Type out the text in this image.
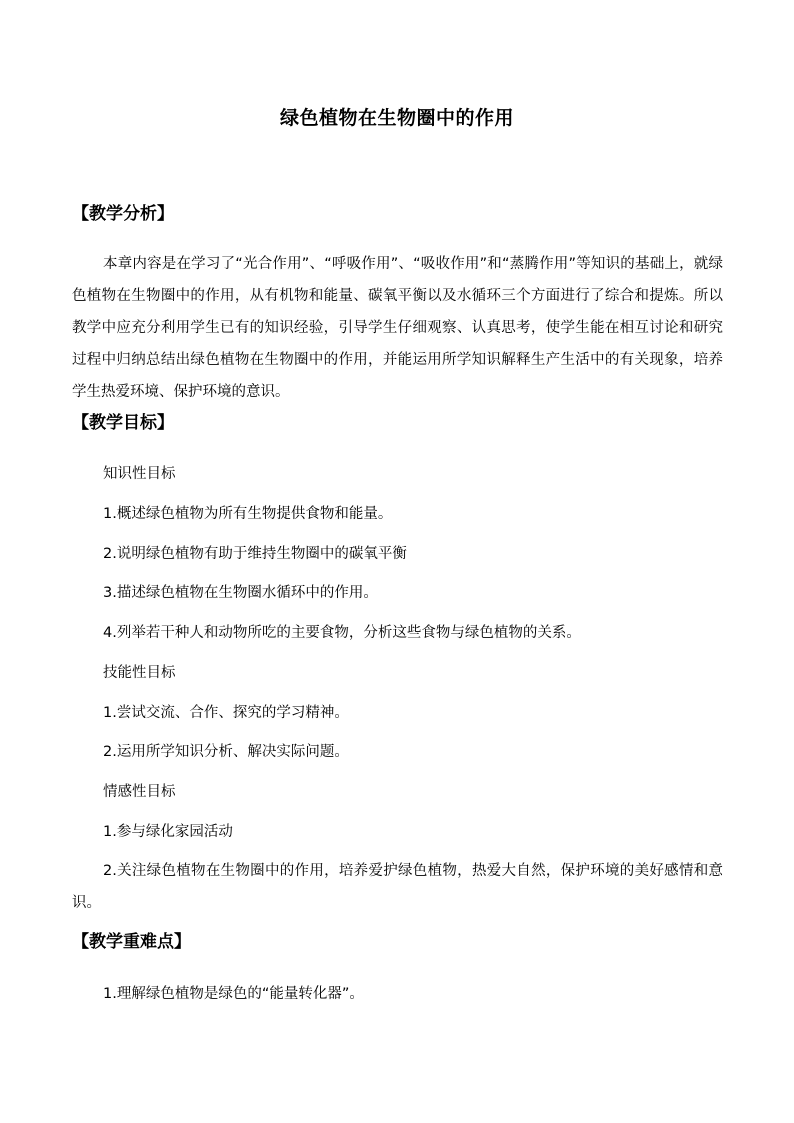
绿色植物在生物圈中的作用
【教学分析】

本章内容是在学习了“光合作用”、“呼吸作用”、“吸收作用”和“蒸腾作用”等知识的基础上，就绿色植物在生物圈中的作用，从有机物和能量、碳氧平衡以及水循环三个方面进行了综合和提炼。所以教学中应充分利用学生已有的知识经验，引导学生仔细观察、认真思考，使学生能在相互讨论和研究过程中归纳总结出绿色植物在生物圈中的作用，并能运用所学知识解释生产生活中的有关现象，培养学生热爱环境、保护环境的意识。

【教学目标】
知识性目标
1.概述绿色植物为所有生物提供食物和能量。
2.说明绿色植物有助于维持生物圈中的碳氧平衡
3.描述绿色植物在生物圈水循环中的作用。
4.列举若干种人和动物所吃的主要食物，分析这些食物与绿色植物的关系。
技能性目标
1.尝试交流、合作、探究的学习精神。
2.运用所学知识分析、解决实际问题。
情感性目标
1.参与绿化家园活动

2.关注绿色植物在生物圈中的作用，培养爱护绿色植物，热爱大自然，保护环境的美好感情和意识。

【教学重难点】
1.理解绿色植物是绿色的“能量转化器”。
